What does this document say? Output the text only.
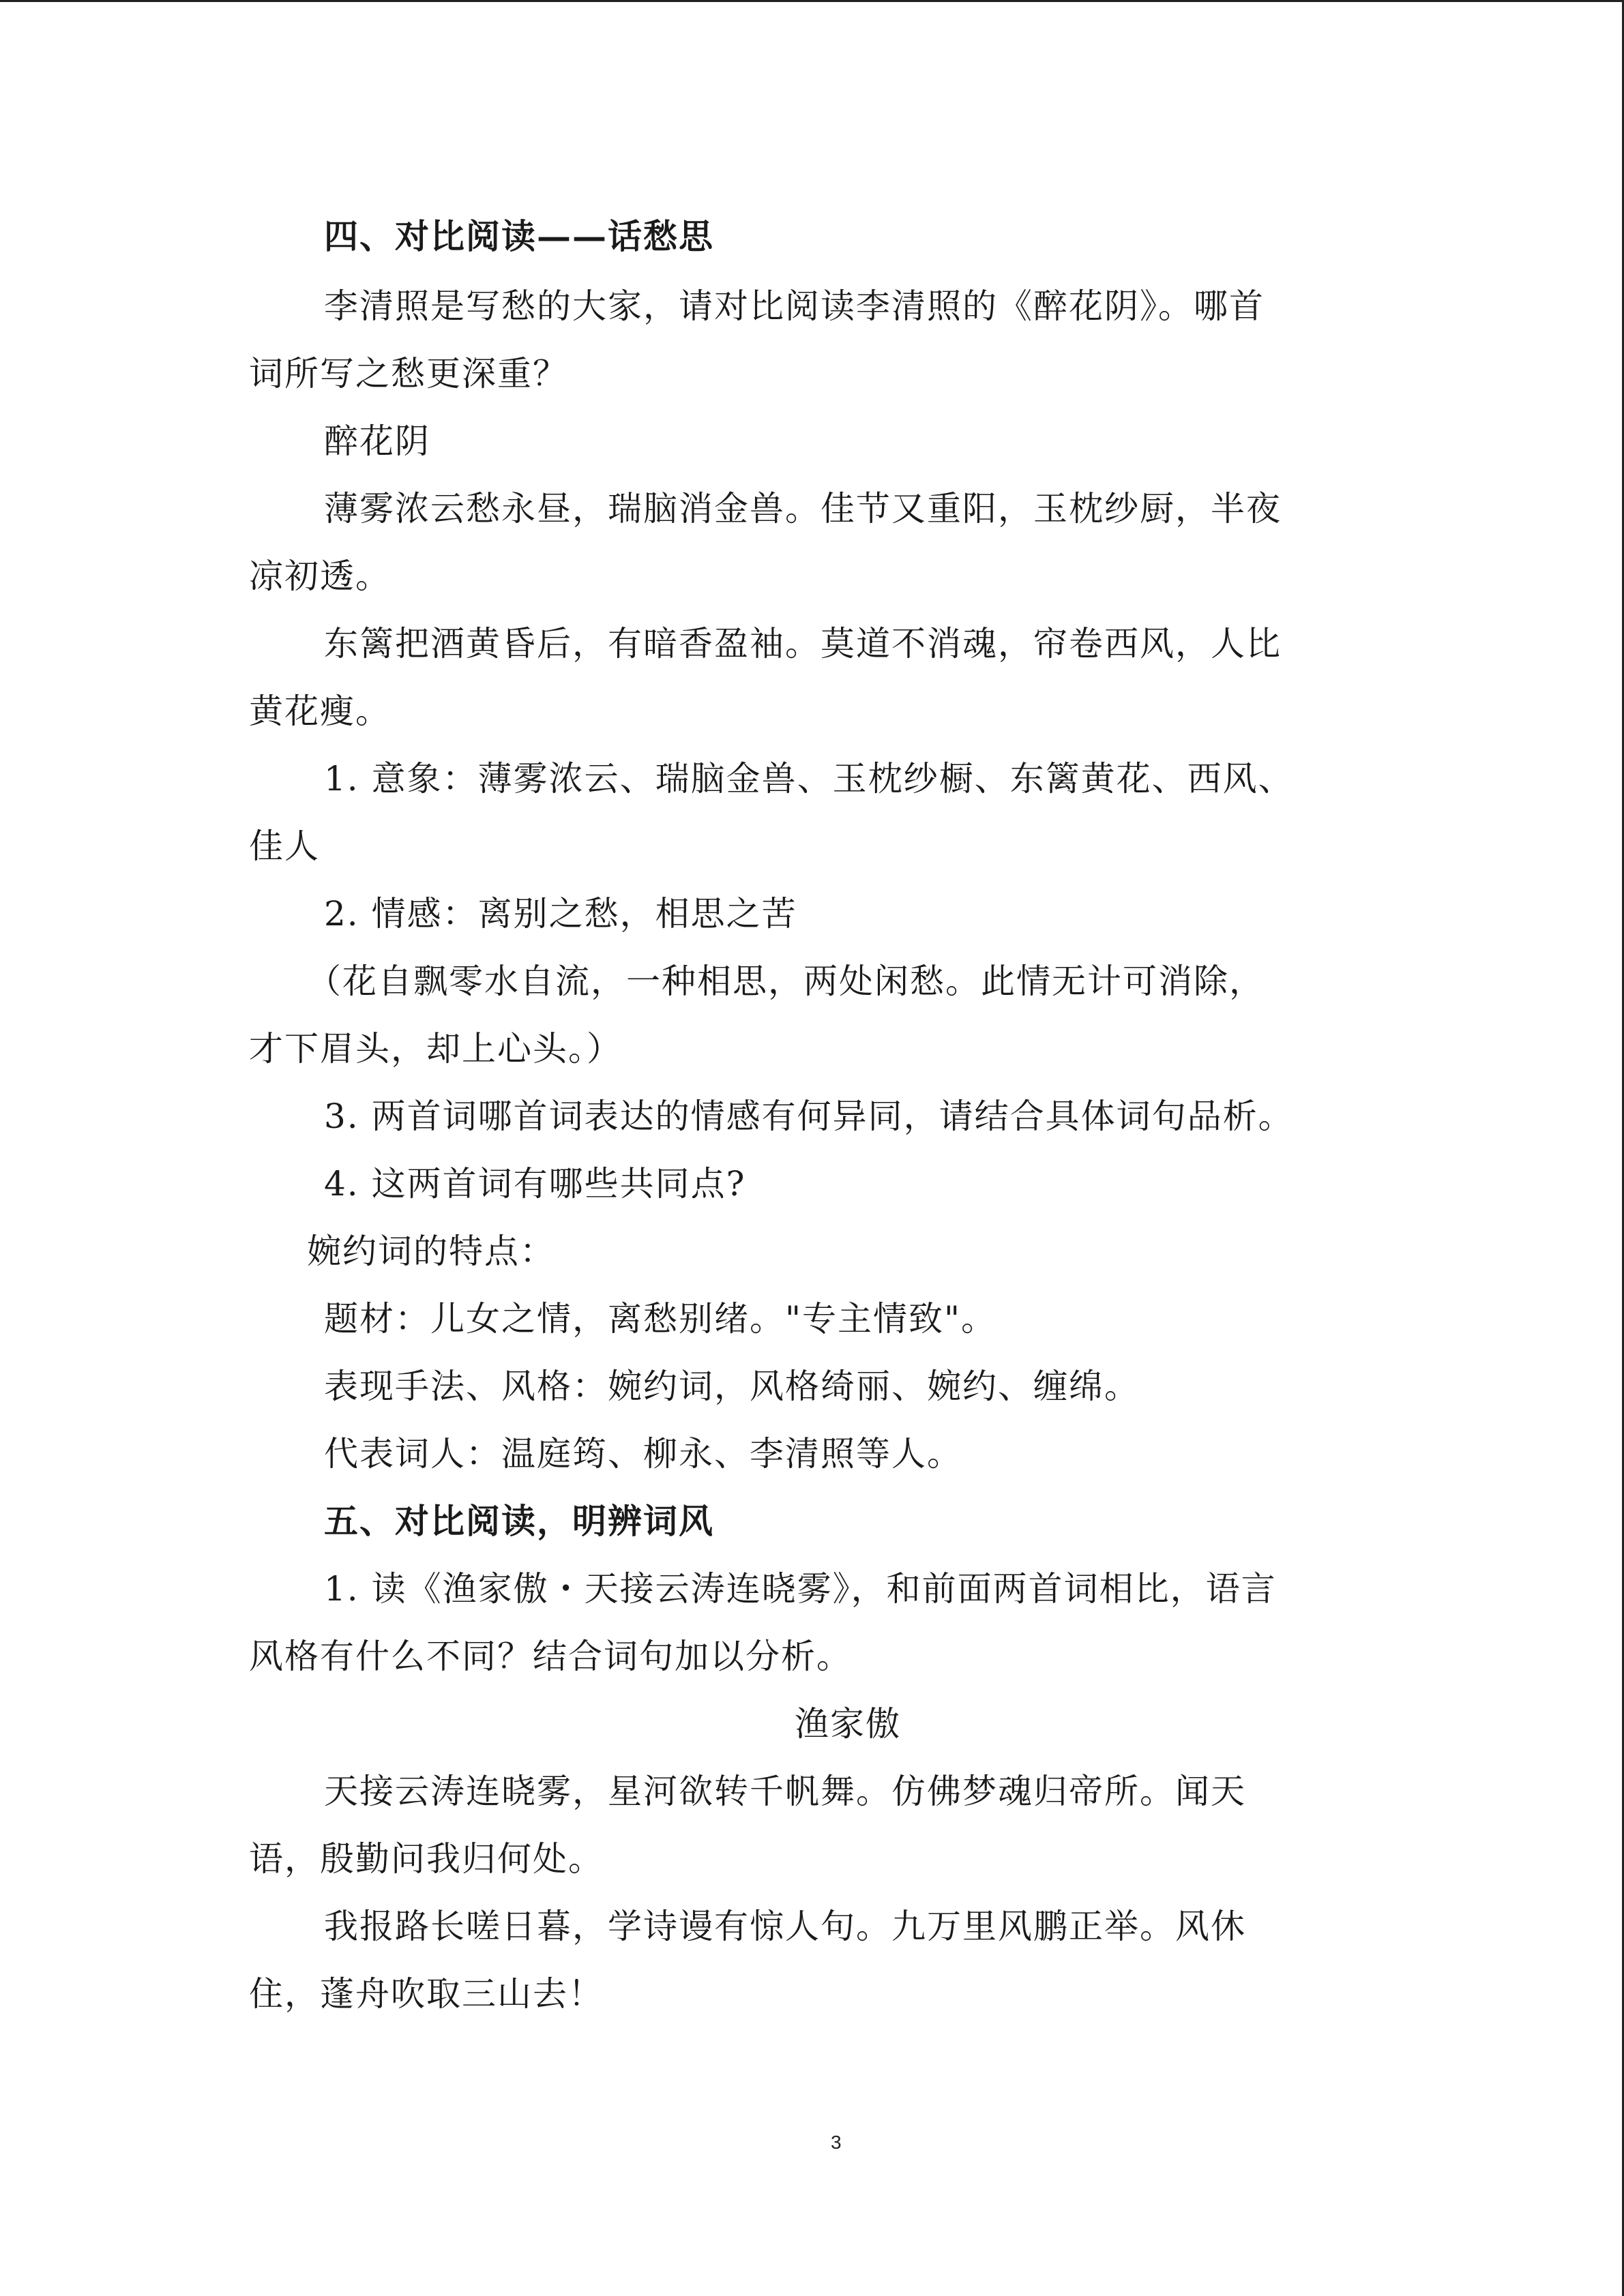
四、对比阅读——话愁思
李清照是写愁的大家，请对比阅读李清照的《醉花阴》。哪首
词所写之愁更深重？
醉花阴
薄雾浓云愁永昼，瑞脑消金兽。佳节又重阳，玉枕纱厨，半夜
凉初透。
东篱把酒黄昏后，有暗香盈袖。莫道不消魂，帘卷西风，人比
黄花瘦。
1. 意象：薄雾浓云、瑞脑金兽、玉枕纱橱、东篱黄花、西风、
佳人
2. 情感：离别之愁，相思之苦
（花自飘零水自流，一种相思，两处闲愁。此情无计可消除，
才下眉头，却上心头。）
3. 两首词哪首词表达的情感有何异同，请结合具体词句品析。
4. 这两首词有哪些共同点?
婉约词的特点：
题材：儿女之情，离愁别绪。"专主情致"。
表现手法、风格：婉约词，风格绮丽、婉约、缠绵。
代表词人：温庭筠、柳永、李清照等人。
五、对比阅读，明辨词风
1. 读《渔家傲・天接云涛连晓雾》，和前面两首词相比，语言
风格有什么不同？结合词句加以分析。
渔家傲
天接云涛连晓雾，星河欲转千帆舞。仿佛梦魂归帝所。闻天
语，殷勤问我归何处。
我报路长嗟日暮，学诗谩有惊人句。九万里风鹏正举。风休
住，蓬舟吹取三山去！
3
